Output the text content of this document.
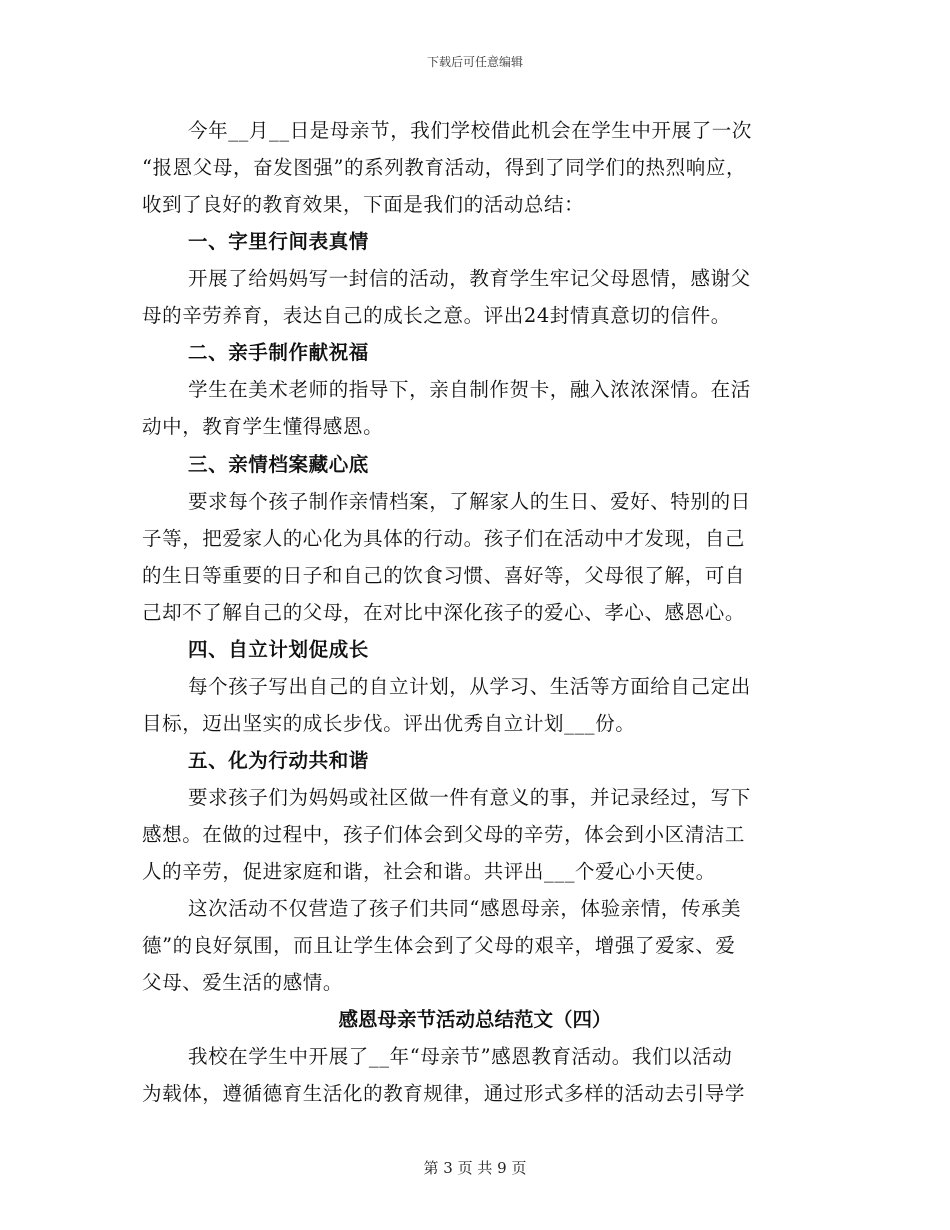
下载后可任意编辑
今年__月__日是母亲节，我们学校借此机会在学生中开展了一次
“报恩父母，奋发图强”的系列教育活动，得到了同学们的热烈响应，
收到了良好的教育效果，下面是我们的活动总结：
一、字里行间表真情
开展了给妈妈写一封信的活动，教育学生牢记父母恩情，感谢父
母的辛劳养育，表达自己的成长之意。评出24封情真意切的信件。
二、亲手制作献祝福
学生在美术老师的指导下，亲自制作贺卡，融入浓浓深情。在活
动中，教育学生懂得感恩。
三、亲情档案藏心底
要求每个孩子制作亲情档案，了解家人的生日、爱好、特别的日
子等，把爱家人的心化为具体的行动。孩子们在活动中才发现，自己
的生日等重要的日子和自己的饮食习惯、喜好等，父母很了解，可自
己却不了解自己的父母，在对比中深化孩子的爱心、孝心、感恩心。
四、自立计划促成长
每个孩子写出自己的自立计划，从学习、生活等方面给自己定出
目标，迈出坚实的成长步伐。评出优秀自立计划___份。
五、化为行动共和谐
要求孩子们为妈妈或社区做一件有意义的事，并记录经过，写下
感想。在做的过程中，孩子们体会到父母的辛劳，体会到小区清洁工
人的辛劳，促进家庭和谐，社会和谐。共评出___个爱心小天使。
这次活动不仅营造了孩子们共同“感恩母亲，体验亲情，传承美
德”的良好氛围，而且让学生体会到了父母的艰辛，增强了爱家、爱
父母、爱生活的感情。
感恩母亲节活动总结范文（四）
我校在学生中开展了__年“母亲节”感恩教育活动。我们以活动
为载体，遵循德育生活化的教育规律，通过形式多样的活动去引导学
第 3 页 共 9 页
